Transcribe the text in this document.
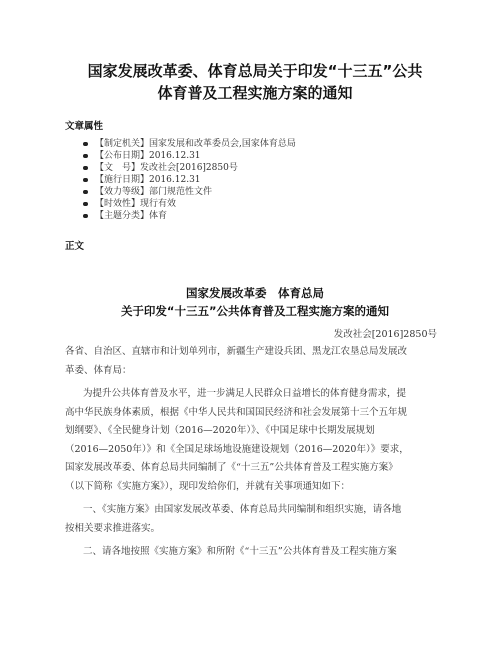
国家发展改革委、体育总局关于印发“十三五”公共
体育普及工程实施方案的通知
文章属性
【制定机关】国家发展和改革委员会,国家体育总局
【公布日期】2016.12.31
【文　号】发改社会[2016]2850号
【施行日期】2016.12.31
【效力等级】部门规范性文件
【时效性】现行有效
【主题分类】体育
正文
国家发展改革委　体育总局
关于印发“十三五”公共体育普及工程实施方案的通知
发改社会[2016]2850号
各省、自治区、直辖市和计划单列市，新疆生产建设兵团、黑龙江农垦总局发展改
革委、体育局：
为提升公共体育普及水平，进一步满足人民群众日益增长的体育健身需求，提
高中华民族身体素质，根据《中华人民共和国国民经济和社会发展第十三个五年规
划纲要》、《全民健身计划（2016—2020年）》、《中国足球中长期发展规划
（2016—2050年）》和《全国足球场地设施建设规划（2016—2020年）》要求，
国家发展改革委、体育总局共同编制了《“十三五”公共体育普及工程实施方案》
（以下简称《实施方案》），现印发给你们，并就有关事项通知如下：
一、《实施方案》由国家发展改革委、体育总局共同编制和组织实施，请各地
按相关要求推进落实。
二、请各地按照《实施方案》和所附《“十三五”公共体育普及工程实施方案
